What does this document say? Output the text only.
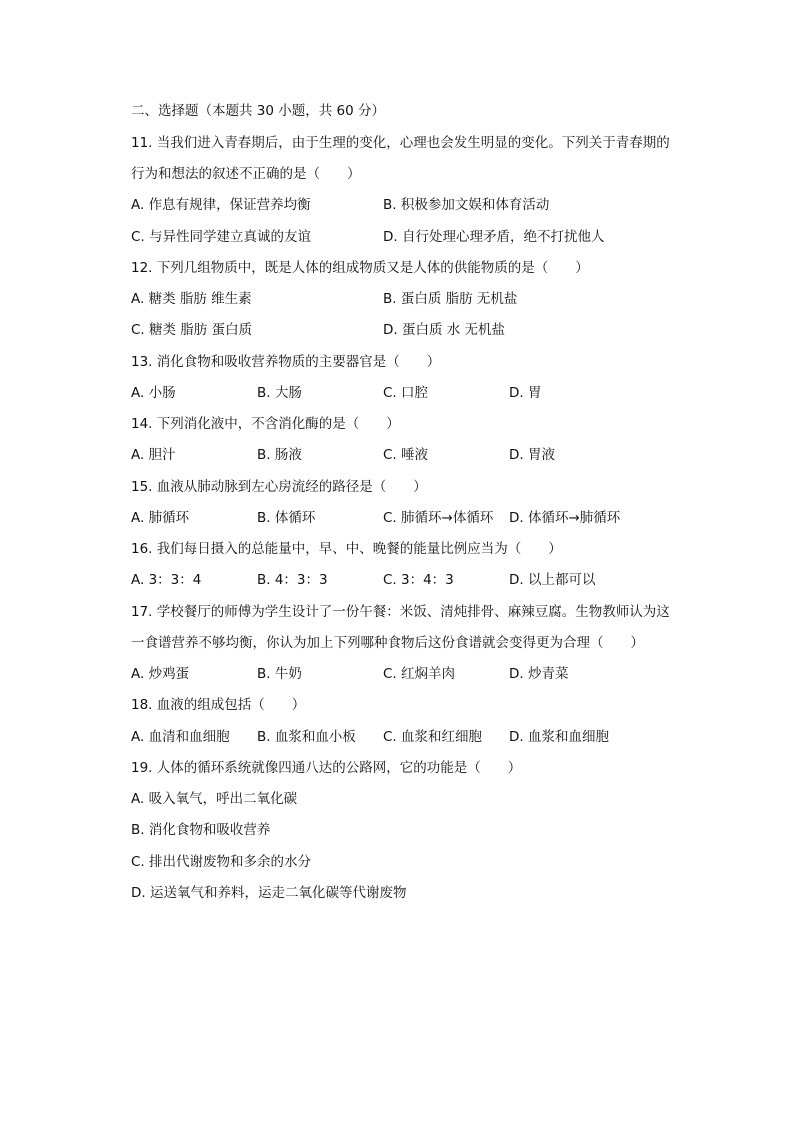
二、选择题（本题共 30 小题，共 60 分）
11. 当我们进入青春期后，由于生理的变化，心理也会发生明显的变化。下列关于青春期的
行为和想法的叙述不正确的是（　　）
A. 作息有规律，保证营养均衡	B. 积极参加文娱和体育活动
C. 与异性同学建立真诚的友谊	D. 自行处理心理矛盾，绝不打扰他人
12. 下列几组物质中，既是人体的组成物质又是人体的供能物质的是（　　）
A. 糖类 脂肪 维生素	B. 蛋白质 脂肪 无机盐
C. 糖类 脂肪 蛋白质	D. 蛋白质 水 无机盐
13. 消化食物和吸收营养物质的主要器官是（　　）
A. 小肠	B. 大肠	C. 口腔	D. 胃
14. 下列消化液中，不含消化酶的是（　　）
A. 胆汁	B. 肠液	C. 唾液	D. 胃液
15. 血液从肺动脉到左心房流经的路径是（　　）
A. 肺循环	B. 体循环	C. 肺循环→体循环 D. 体循环→肺循环
16. 我们每日摄入的总能量中，早、中、晚餐的能量比例应当为（　　）
A. 3：3：4	B. 4：3：3	C. 3：4：3	D. 以上都可以
17. 学校餐厅的师傅为学生设计了一份午餐：米饭、清炖排骨、麻辣豆腐。生物教师认为这
一食谱营养不够均衡，你认为加上下列哪种食物后这份食谱就会变得更为合理（　　）
A. 炒鸡蛋	B. 牛奶	C. 红焖羊肉	D. 炒青菜
18. 血液的组成包括（　　）
A. 血清和血细胞 B. 血浆和血小板 C. 血浆和红细胞 D. 血浆和血细胞
19. 人体的循环系统就像四通八达的公路网，它的功能是（　　）
A. 吸入氧气，呼出二氧化碳
B. 消化食物和吸收营养
C. 排出代谢废物和多余的水分
D. 运送氧气和养料，运走二氧化碳等代谢废物
